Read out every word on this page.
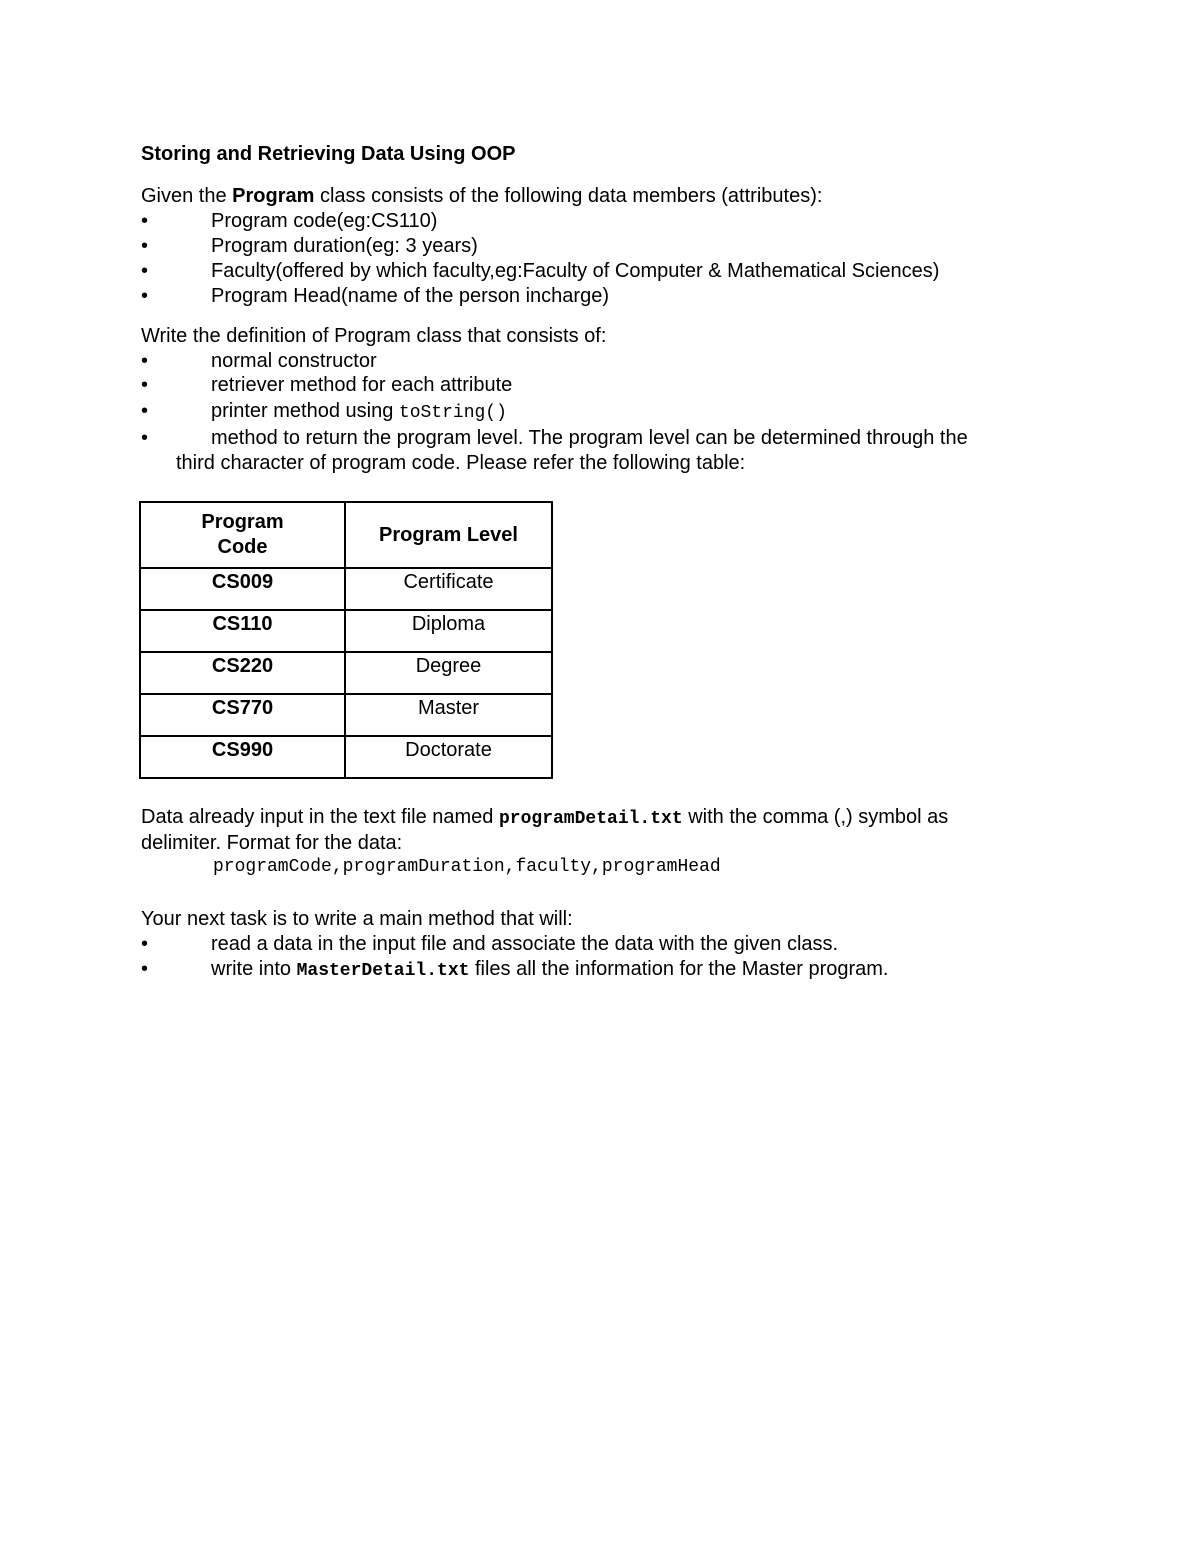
Storing and Retrieving Data Using OOP
Given the Program class consists of the following data members (attributes):
•	Program code(eg:CS110)
•	Program duration(eg: 3 years)
•	Faculty(offered by which faculty,eg:Faculty of Computer & Mathematical Sciences)
•	Program Head(name of the person incharge)
Write the definition of Program class that consists of:
•	normal constructor
•	retriever method for each attribute
•	printer method using toString()
•	method to return the program level. The program level can be determined through the
third character of program code. Please refer the following table:
Program
Code	Program Level
CS009	Certificate
CS110	Diploma
CS220	Degree
CS770	Master
CS990	Doctorate
Data already input in the text file named programDetail.txt with the comma (,) symbol as
delimiter. Format for the data:
programCode,programDuration,faculty,programHead
Your next task is to write a main method that will:
•	read a data in the input file and associate the data with the given class.
•	write into MasterDetail.txt files all the information for the Master program.
